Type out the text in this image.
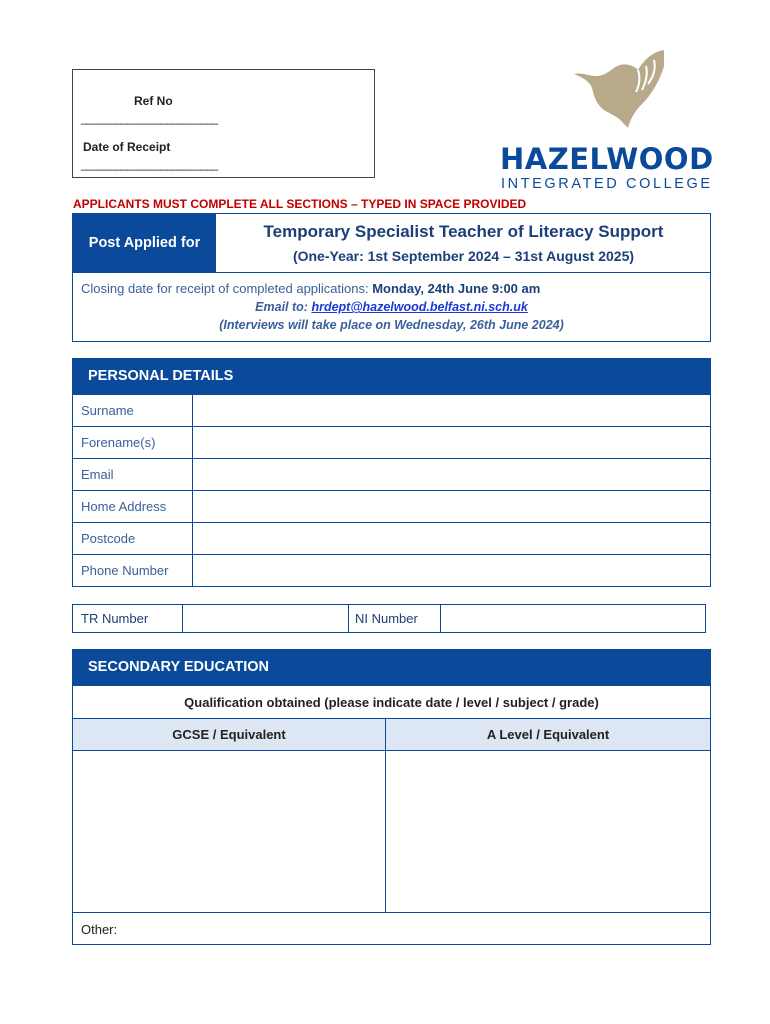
Ref No
________________________
Date of Receipt
________________________	HAZELWOOD
INTEGRATED COLLEGE
APPLICANTS MUST COMPLETE ALL SECTIONS – TYPED IN SPACE PROVIDED
Post Applied for
Temporary Specialist Teacher of Literacy Support
(One-Year: 1st September 2024 – 31st August 2025)
Closing date for receipt of completed applications: Monday, 24th June 9:00 am
Email to: hrdept@hazelwood.belfast.ni.sch.uk
(Interviews will take place on Wednesday, 26th June 2024)
PERSONAL DETAILS
Surname
Forename(s)
Email
Home Address
Postcode
Phone Number
TR Number	NI Number
SECONDARY EDUCATION
Qualification obtained (please indicate date / level / subject / grade)
GCSE / Equivalent	A Level / Equivalent
Other:
